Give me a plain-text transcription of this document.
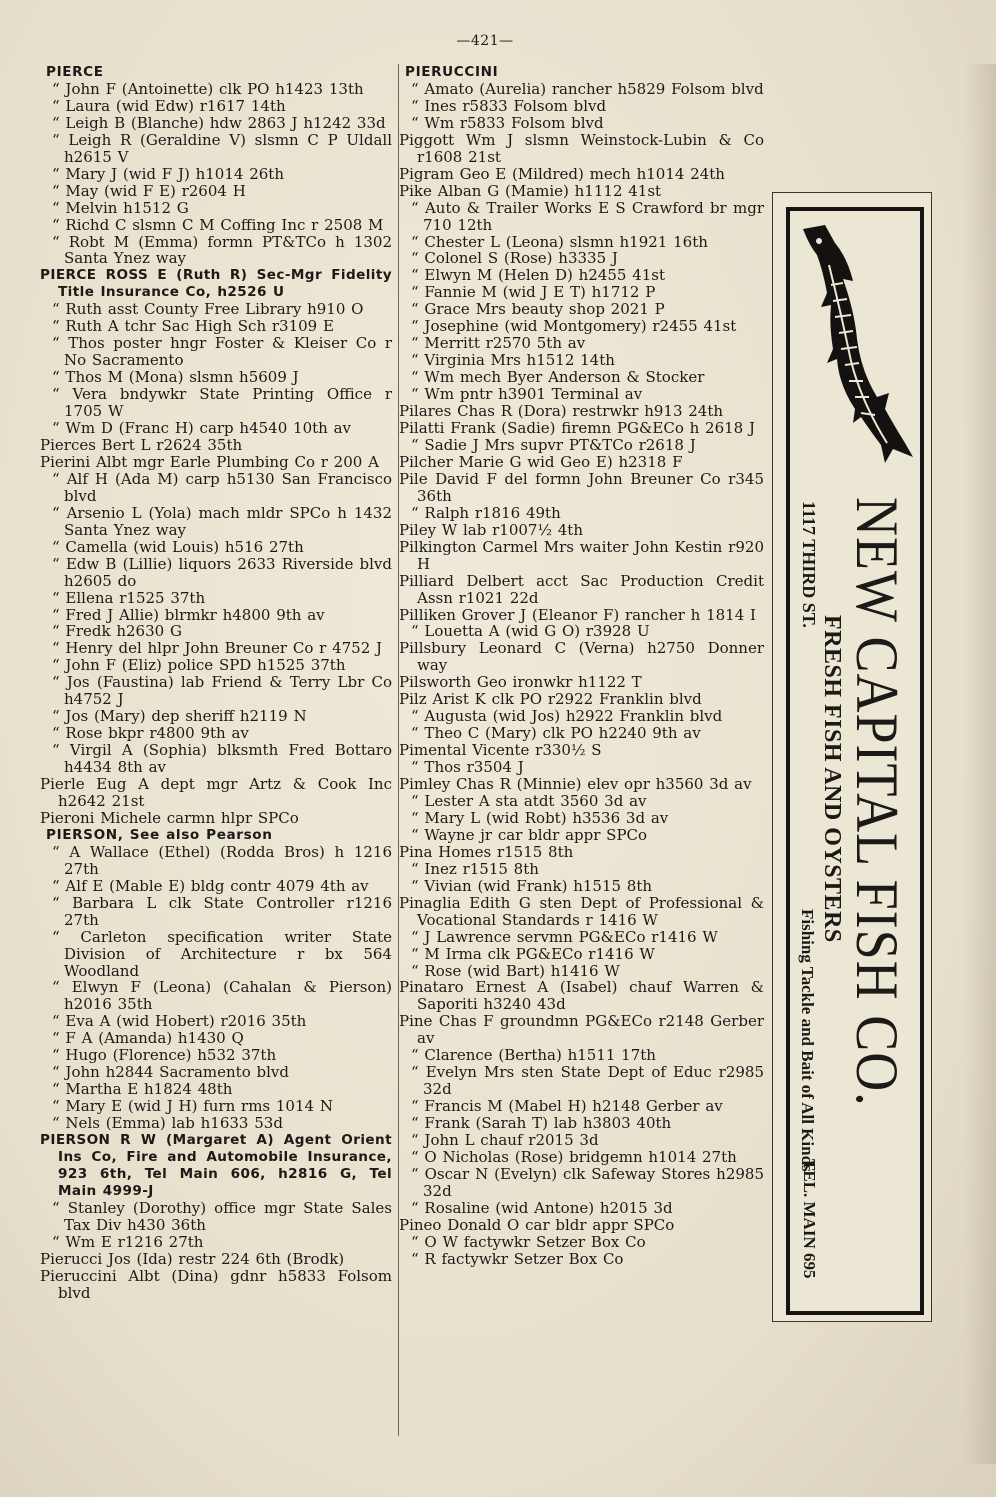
—421—
PIERCE
“ John F (Antoinette) clk PO h1423 13th
“ Laura (wid Edw) r1617 14th
“ Leigh B (Blanche) hdw 2863 J h1242 33d
“ Leigh R (Geraldine V) slsmn C P Uldall h2615 V
“ Mary J (wid F J) h1014 26th
“ May (wid F E) r2604 H
“ Melvin h1512 G
“ Richd C slsmn C M Coffing Inc r 2508 M
“ Robt M (Emma) formn PT&TCo h 1302 Santa Ynez way
PIERCE ROSS E (Ruth R) Sec-Mgr Fidelity Title Insurance Co, h2526 U
“ Ruth asst County Free Library h910 O
“ Ruth A tchr Sac High Sch r3109 E
“ Thos poster hngr Foster & Kleiser Co r No Sacramento
“ Thos M (Mona) slsmn h5609 J
“ Vera bndywkr State Printing Office r 1705 W
“ Wm D (Franc H) carp h4540 10th av
Pierces Bert L r2624 35th
Pierini Albt mgr Earle Plumbing Co r 200 A
“ Alf H (Ada M) carp h5130 San Francisco blvd
“ Arsenio L (Yola) mach mldr SPCo h 1432 Santa Ynez way
“ Camella (wid Louis) h516 27th
“ Edw B (Lillie) liquors 2633 Riverside blvd h2605 do
“ Ellena r1525 37th
“ Fred J Allie) blrmkr h4800 9th av
“ Fredk h2630 G
“ Henry del hlpr John Breuner Co r 4752 J
“ John F (Eliz) police SPD h1525 37th
“ Jos (Faustina) lab Friend & Terry Lbr Co h4752 J
“ Jos (Mary) dep sheriff h2119 N
“ Rose bkpr r4800 9th av
“ Virgil A (Sophia) blksmth Fred Bottaro h4434 8th av
Pierle Eug A dept mgr Artz & Cook Inc h2642 21st
Pieroni Michele carmn hlpr SPCo
PIERSON, See also Pearson
“ A Wallace (Ethel) (Rodda Bros) h 1216 27th
“ Alf E (Mable E) bldg contr 4079 4th av
“ Barbara L clk State Controller r1216 27th
“ Carleton specification writer State Division of Architecture r bx 564 Woodland
“ Elwyn F (Leona) (Cahalan & Pierson) h2016 35th
“ Eva A (wid Hobert) r2016 35th
“ F A (Amanda) h1430 Q
“ Hugo (Florence) h532 37th
“ John h2844 Sacramento blvd
“ Martha E h1824 48th
“ Mary E (wid J H) furn rms 1014 N
“ Nels (Emma) lab h1633 53d
PIERSON R W (Margaret A) Agent Orient Ins Co, Fire and Automobile Insurance, 923 6th, Tel Main 606, h2816 G, Tel Main 4999-J
“ Stanley (Dorothy) office mgr State Sales Tax Div h430 36th
“ Wm E r1216 27th
Pierucci Jos (Ida) restr 224 6th (Brodk)
Pieruccini Albt (Dina) gdnr h5833 Folsom blvd
PIERUCCINI
“ Amato (Aurelia) rancher h5829 Folsom blvd
“ Ines r5833 Folsom blvd
“ Wm r5833 Folsom blvd
Piggott Wm J slsmn Weinstock-Lubin & Co r1608 21st
Pigram Geo E (Mildred) mech h1014 24th
Pike Alban G (Mamie) h1112 41st
“ Auto & Trailer Works E S Crawford br mgr 710 12th
“ Chester L (Leona) slsmn h1921 16th
“ Colonel S (Rose) h3335 J
“ Elwyn M (Helen D) h2455 41st
“ Fannie M (wid J E T) h1712 P
“ Grace Mrs beauty shop 2021 P
“ Josephine (wid Montgomery) r2455 41st
“ Merritt r2570 5th av
“ Virginia Mrs h1512 14th
“ Wm mech Byer Anderson & Stocker
“ Wm pntr h3901 Terminal av
Pilares Chas R (Dora) restrwkr h913 24th
Pilatti Frank (Sadie) firemn PG&ECo h 2618 J
“ Sadie J Mrs supvr PT&TCo r2618 J
Pilcher Marie G wid Geo E) h2318 F
Pile David F del formn John Breuner Co r345 36th
“ Ralph r1816 49th
Piley W lab r1007½ 4th
Pilkington Carmel Mrs waiter John Kestin r920 H
Pilliard Delbert acct Sac Production Credit Assn r1021 22d
Pilliken Grover J (Eleanor F) rancher h 1814 I
“ Louetta A (wid G O) r3928 U
Pillsbury Leonard C (Verna) h2750 Donner way
Pilsworth Geo ironwkr h1122 T
Pilz Arist K clk PO r2922 Franklin blvd
“ Augusta (wid Jos) h2922 Franklin blvd
“ Theo C (Mary) clk PO h2240 9th av
Pimental Vicente r330½ S
“ Thos r3504 J
Pimley Chas R (Minnie) elev opr h3560 3d av
“ Lester A sta atdt 3560 3d av
“ Mary L (wid Robt) h3536 3d av
“ Wayne jr car bldr appr SPCo
Pina Homes r1515 8th
“ Inez r1515 8th
“ Vivian (wid Frank) h1515 8th
Pinaglia Edith G sten Dept of Professional & Vocational Standards r 1416 W
“ J Lawrence servmn PG&ECo r1416 W
“ M Irma clk PG&ECo r1416 W
“ Rose (wid Bart) h1416 W
Pinataro Ernest A (Isabel) chauf Warren & Saporiti h3240 43d
Pine Chas F groundmn PG&ECo r2148 Gerber av
“ Clarence (Bertha) h1511 17th
“ Evelyn Mrs sten State Dept of Educ r2985 32d
“ Francis M (Mabel H) h2148 Gerber av
“ Frank (Sarah T) lab h3803 40th
“ John L chauf r2015 3d
“ O Nicholas (Rose) bridgemn h1014 27th
“ Oscar N (Evelyn) clk Safeway Stores h2985 32d
“ Rosaline (wid Antone) h2015 3d
Pineo Donald O car bldr appr SPCo
“ O W factywkr Setzer Box Co
“ R factywkr Setzer Box Co
NEW CAPITAL FISH CO.
FRESH FISH AND OYSTERS
1117 THIRD ST.
Fishing Tackle and Bait of All Kinds
TEL. MAIN 695
